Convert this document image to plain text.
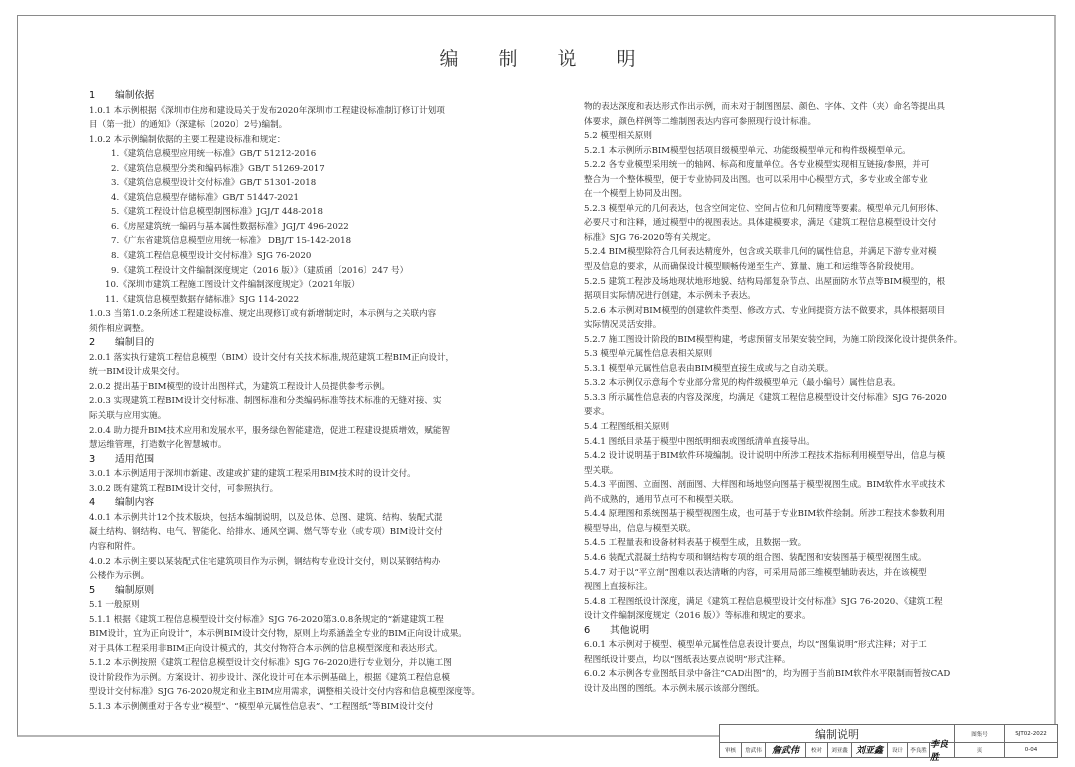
编 制 说 明
1 编制依据
1.0.1 本示例根据《深圳市住房和建设局关于发布2020年深圳市工程建设标准制订修订计划项
目（第一批）的通知》（深建标〔2020〕2号)编制。
1.0.2 本示例编制依据的主要工程建设标准和规定：
1.《建筑信息模型应用统一标准》GB/T 51212-2016
2.《建筑信息模型分类和编码标准》GB/T 51269-2017
3.《建筑信息模型设计交付标准》GB/T 51301-2018
4.《建筑信息模型存储标准》GB/T 51447-2021
5.《建筑工程设计信息模型制图标准》JGJ/T 448-2018
6.《房屋建筑统一编码与基本属性数据标准》JGJ/T 496-2022
7.《广东省建筑信息模型应用统一标准》 DBJ/T 15-142-2018
8.《建筑工程信息模型设计交付标准》SJG 76-2020
9.《建筑工程设计文件编制深度规定（2016 版）》（建质函〔2016〕247 号）
10.《深圳市建筑工程施工图设计文件编制深度规定》（2021年版）
11.《建筑信息模型数据存储标准》SJG 114-2022
1.0.3 当第1.0.2条所述工程建设标准、规定出现修订或有新增制定时，本示例与之关联内容
须作相应调整。
2 编制目的
2.0.1 落实执行建筑工程信息模型（BIM）设计交付有关技术标准,规范建筑工程BIM正向设计，
统一BIM设计成果交付。
2.0.2 提出基于BIM模型的设计出图样式，为建筑工程设计人员提供参考示例。
2.0.3 实现建筑工程BIM设计交付标准、制图标准和分类编码标准等技术标准的无缝对接、实
际关联与应用实施。
2.0.4 助力提升BIM技术应用和发展水平，服务绿色智能建造，促进工程建设提质增效，赋能智
慧运维管理，打造数字化智慧城市。
3 适用范围
3.0.1 本示例适用于深圳市新建、改建或扩建的建筑工程采用BIM技术时的设计交付。
3.0.2 既有建筑工程BIM设计交付，可参照执行。
4 编制内容
4.0.1 本示例共计12个技术版块，包括本编制说明，以及总体、总图、建筑、结构、装配式混
凝土结构、钢结构、电气、智能化、给排水、通风空调、燃气等专业（或专项）BIM设计交付
内容和附件。
4.0.2 本示例主要以某装配式住宅建筑项目作为示例，钢结构专业设计交付，则以某钢结构办
公楼作为示例。
5 编制原则
5.1 一般原则
5.1.1 根据《建筑工程信息模型设计交付标准》SJG 76-2020第3.0.8条规定的“新建建筑工程
BIM设计，宜为正向设计”，本示例BIM设计交付物，原则上均系涵盖全专业的BIM正向设计成果。
对于具体工程采用非BIM正向设计模式的，其交付物符合本示例的信息模型深度和表达形式。
5.1.2 本示例按照《建筑工程信息模型设计交付标准》SJG 76-2020进行专业划分，并以施工图
设计阶段作为示例。方案设计、初步设计、深化设计可在本示例基础上，根据《建筑工程信息模
型设计交付标准》SJG 76-2020规定和业主BIM应用需求，调整相关设计交付内容和信息模型深度等。
5.1.3 本示例侧重对于各专业“模型”、“模型单元属性信息表”、“工程图纸”等BIM设计交付
物的表达深度和表达形式作出示例，而未对于制图图层、颜色、字体、文件（夹）命名等提出具
体要求，颜色样例等二维制图表达内容可参照现行设计标准。
5.2 模型相关原则
5.2.1 本示例所示BIM模型包括项目级模型单元、功能级模型单元和构件级模型单元。
5.2.2 各专业模型采用统一的轴网、标高和度量单位。各专业模型实现相互链接/参照，并可
整合为一个整体模型，便于专业协同及出图。也可以采用中心模型方式，多专业或全部专业
在一个模型上协同及出图。
5.2.3 模型单元的几何表达，包含空间定位、空间占位和几何精度等要素。模型单元几何形体、
必要尺寸和注释，通过模型中的视图表达。具体建模要求，满足《建筑工程信息模型设计交付
标准》SJG 76-2020等有关规定。
5.2.4 BIM模型除符合几何表达精度外，包含或关联非几何的属性信息，并满足下游专业对模
型及信息的要求，从而确保设计模型顺畅传递至生产、算量、施工和运维等各阶段使用。
5.2.5 建筑工程涉及场地现状地形地貌、结构局部复杂节点、出屋面防水节点等BIM模型的，根
据项目实际情况进行创建，本示例未予表达。
5.2.6 本示例对BIM模型的创建软件类型、修改方式、专业间提资方法不做要求，具体根据项目
实际情况灵活安排。
5.2.7 施工图设计阶段的BIM模型构建，考虑预留支吊架安装空间，为施工阶段深化设计提供条件。
5.3 模型单元属性信息表相关原则
5.3.1 模型单元属性信息表由BIM模型直接生成或与之自动关联。
5.3.2 本示例仅示意每个专业部分常见的构件级模型单元（最小编号）属性信息表。
5.3.3 所示属性信息表的内容及深度，均满足《建筑工程信息模型设计交付标准》SJG 76-2020
要求。
5.4 工程图纸相关原则
5.4.1 图纸目录基于模型中图纸明细表或图纸清单直接导出。
5.4.2 设计说明基于BIM软件环境编制。设计说明中所涉工程技术指标利用模型导出，信息与模
型关联。
5.4.3 平面图、立面图、剖面图、大样图和场地竖向图基于模型视图生成。BIM软件水平或技术
尚不成熟的，通用节点可不和模型关联。
5.4.4 原理图和系统图基于模型视图生成，也可基于专业BIM软件绘制。所涉工程技术参数利用
模型导出，信息与模型关联。
5.4.5 工程量表和设备材料表基于模型生成，且数据一致。
5.4.6 装配式混凝土结构专项和钢结构专项的组合图、装配图和安装图基于模型视图生成。
5.4.7 对于以“平立剖”图难以表达清晰的内容，可采用局部三维模型辅助表达，并在该模型
视图上直接标注。
5.4.8 工程图纸设计深度，满足《建筑工程信息模型设计交付标准》SJG 76-2020、《建筑工程
设计文件编制深度规定（2016 版）》等标准和规定的要求。
6 其他说明
6.0.1 本示例对于模型、模型单元属性信息表设计要点，均以“图集说明”形式注释；对于工
程图纸设计要点，均以“图纸表达要点说明”形式注释。
6.0.2 本示例各专业图纸目录中备注“CAD出图”的，均为囿于当前BIM软件水平限制而暂按CAD
设计及出图的图纸。本示例未展示该部分图纸。
编制说明	图集号	SJT02-2022
审核	詹武伟	詹武伟	校对	刘亚鑫 刘亚鑫	设计	李良胜
李良胜
页	0-04
